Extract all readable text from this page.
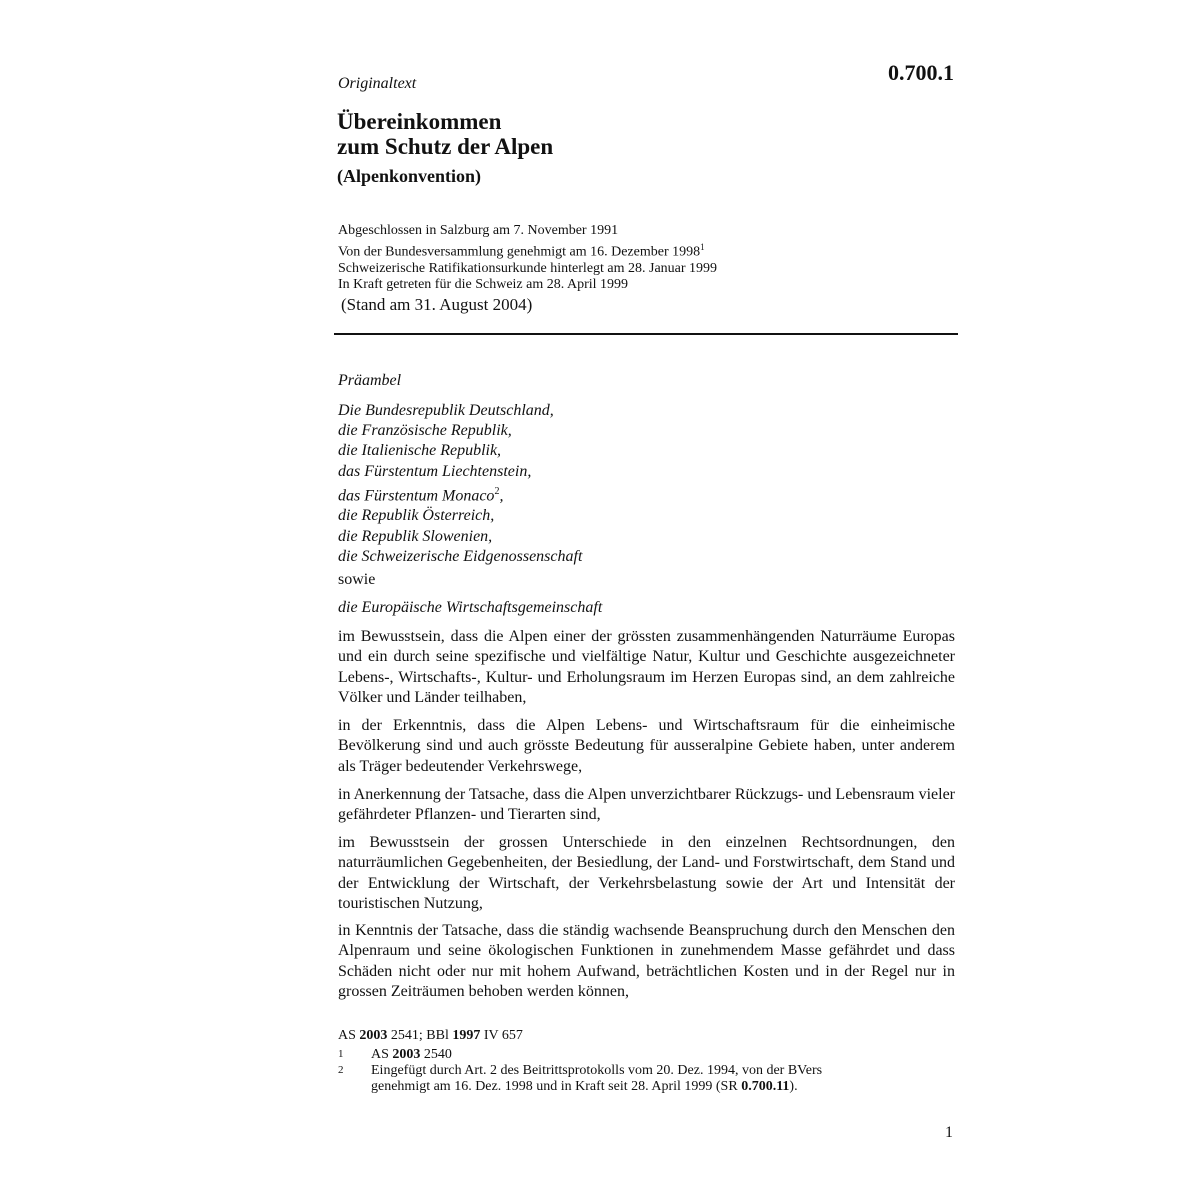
Originaltext	0.700.1
Übereinkommen
zum Schutz der Alpen
(Alpenkonvention)
Abgeschlossen in Salzburg am 7. November 1991
Von der Bundesversammlung genehmigt am 16. Dezember 1998$^1$
Schweizerische Ratifikationsurkunde hinterlegt am 28. Januar 1999
In Kraft getreten für die Schweiz am 28. April 1999
(Stand am 31. August 2004)
Präambel
Die Bundesrepublik Deutschland,
die Französische Republik,
die Italienische Republik,
das Fürstentum Liechtenstein,
das Fürstentum Monaco$^2$,
die Republik Österreich,
die Republik Slowenien,
die Schweizerische Eidgenossenschaft
sowie
die Europäische Wirtschaftsgemeinschaft

im Bewusstsein, dass die Alpen einer der grössten zusammenhängenden Naturräume Europas und ein durch seine spezifische und vielfältige Natur, Kultur und Geschichte ausgezeichneter Lebens-, Wirtschafts-, Kultur- und Erholungsraum im Herzen Europas sind, an dem zahlreiche Völker und Länder teilhaben,

in der Erkenntnis, dass die Alpen Lebens- und Wirtschaftsraum für die einheimische Bevölkerung sind und auch grösste Bedeutung für ausseralpine Gebiete haben, unter anderem als Träger bedeutender Verkehrswege,

in Anerkennung der Tatsache, dass die Alpen unverzichtbarer Rückzugs- und Lebensraum vieler gefährdeter Pflanzen- und Tierarten sind,

im Bewusstsein der grossen Unterschiede in den einzelnen Rechtsordnungen, den naturräumlichen Gegebenheiten, der Besiedlung, der Land- und Forstwirtschaft, dem Stand und der Entwicklung der Wirtschaft, der Verkehrsbelastung sowie der Art und Intensität der touristischen Nutzung,

in Kenntnis der Tatsache, dass die ständig wachsende Beanspruchung durch den Menschen den Alpenraum und seine ökologischen Funktionen in zunehmendem Masse gefährdet und dass Schäden nicht oder nur mit hohem Aufwand, beträchtlichen Kosten und in der Regel nur in grossen Zeiträumen behoben werden können,

AS 2003 2541; BBl 1997 IV 657
1 AS 2003 2540
2 Eingefügt durch Art. 2 des Beitrittsprotokolls vom 20. Dez. 1994, von der BVers
genehmigt am 16. Dez. 1998 und in Kraft seit 28. April 1999 (SR 0.700.11).
1
